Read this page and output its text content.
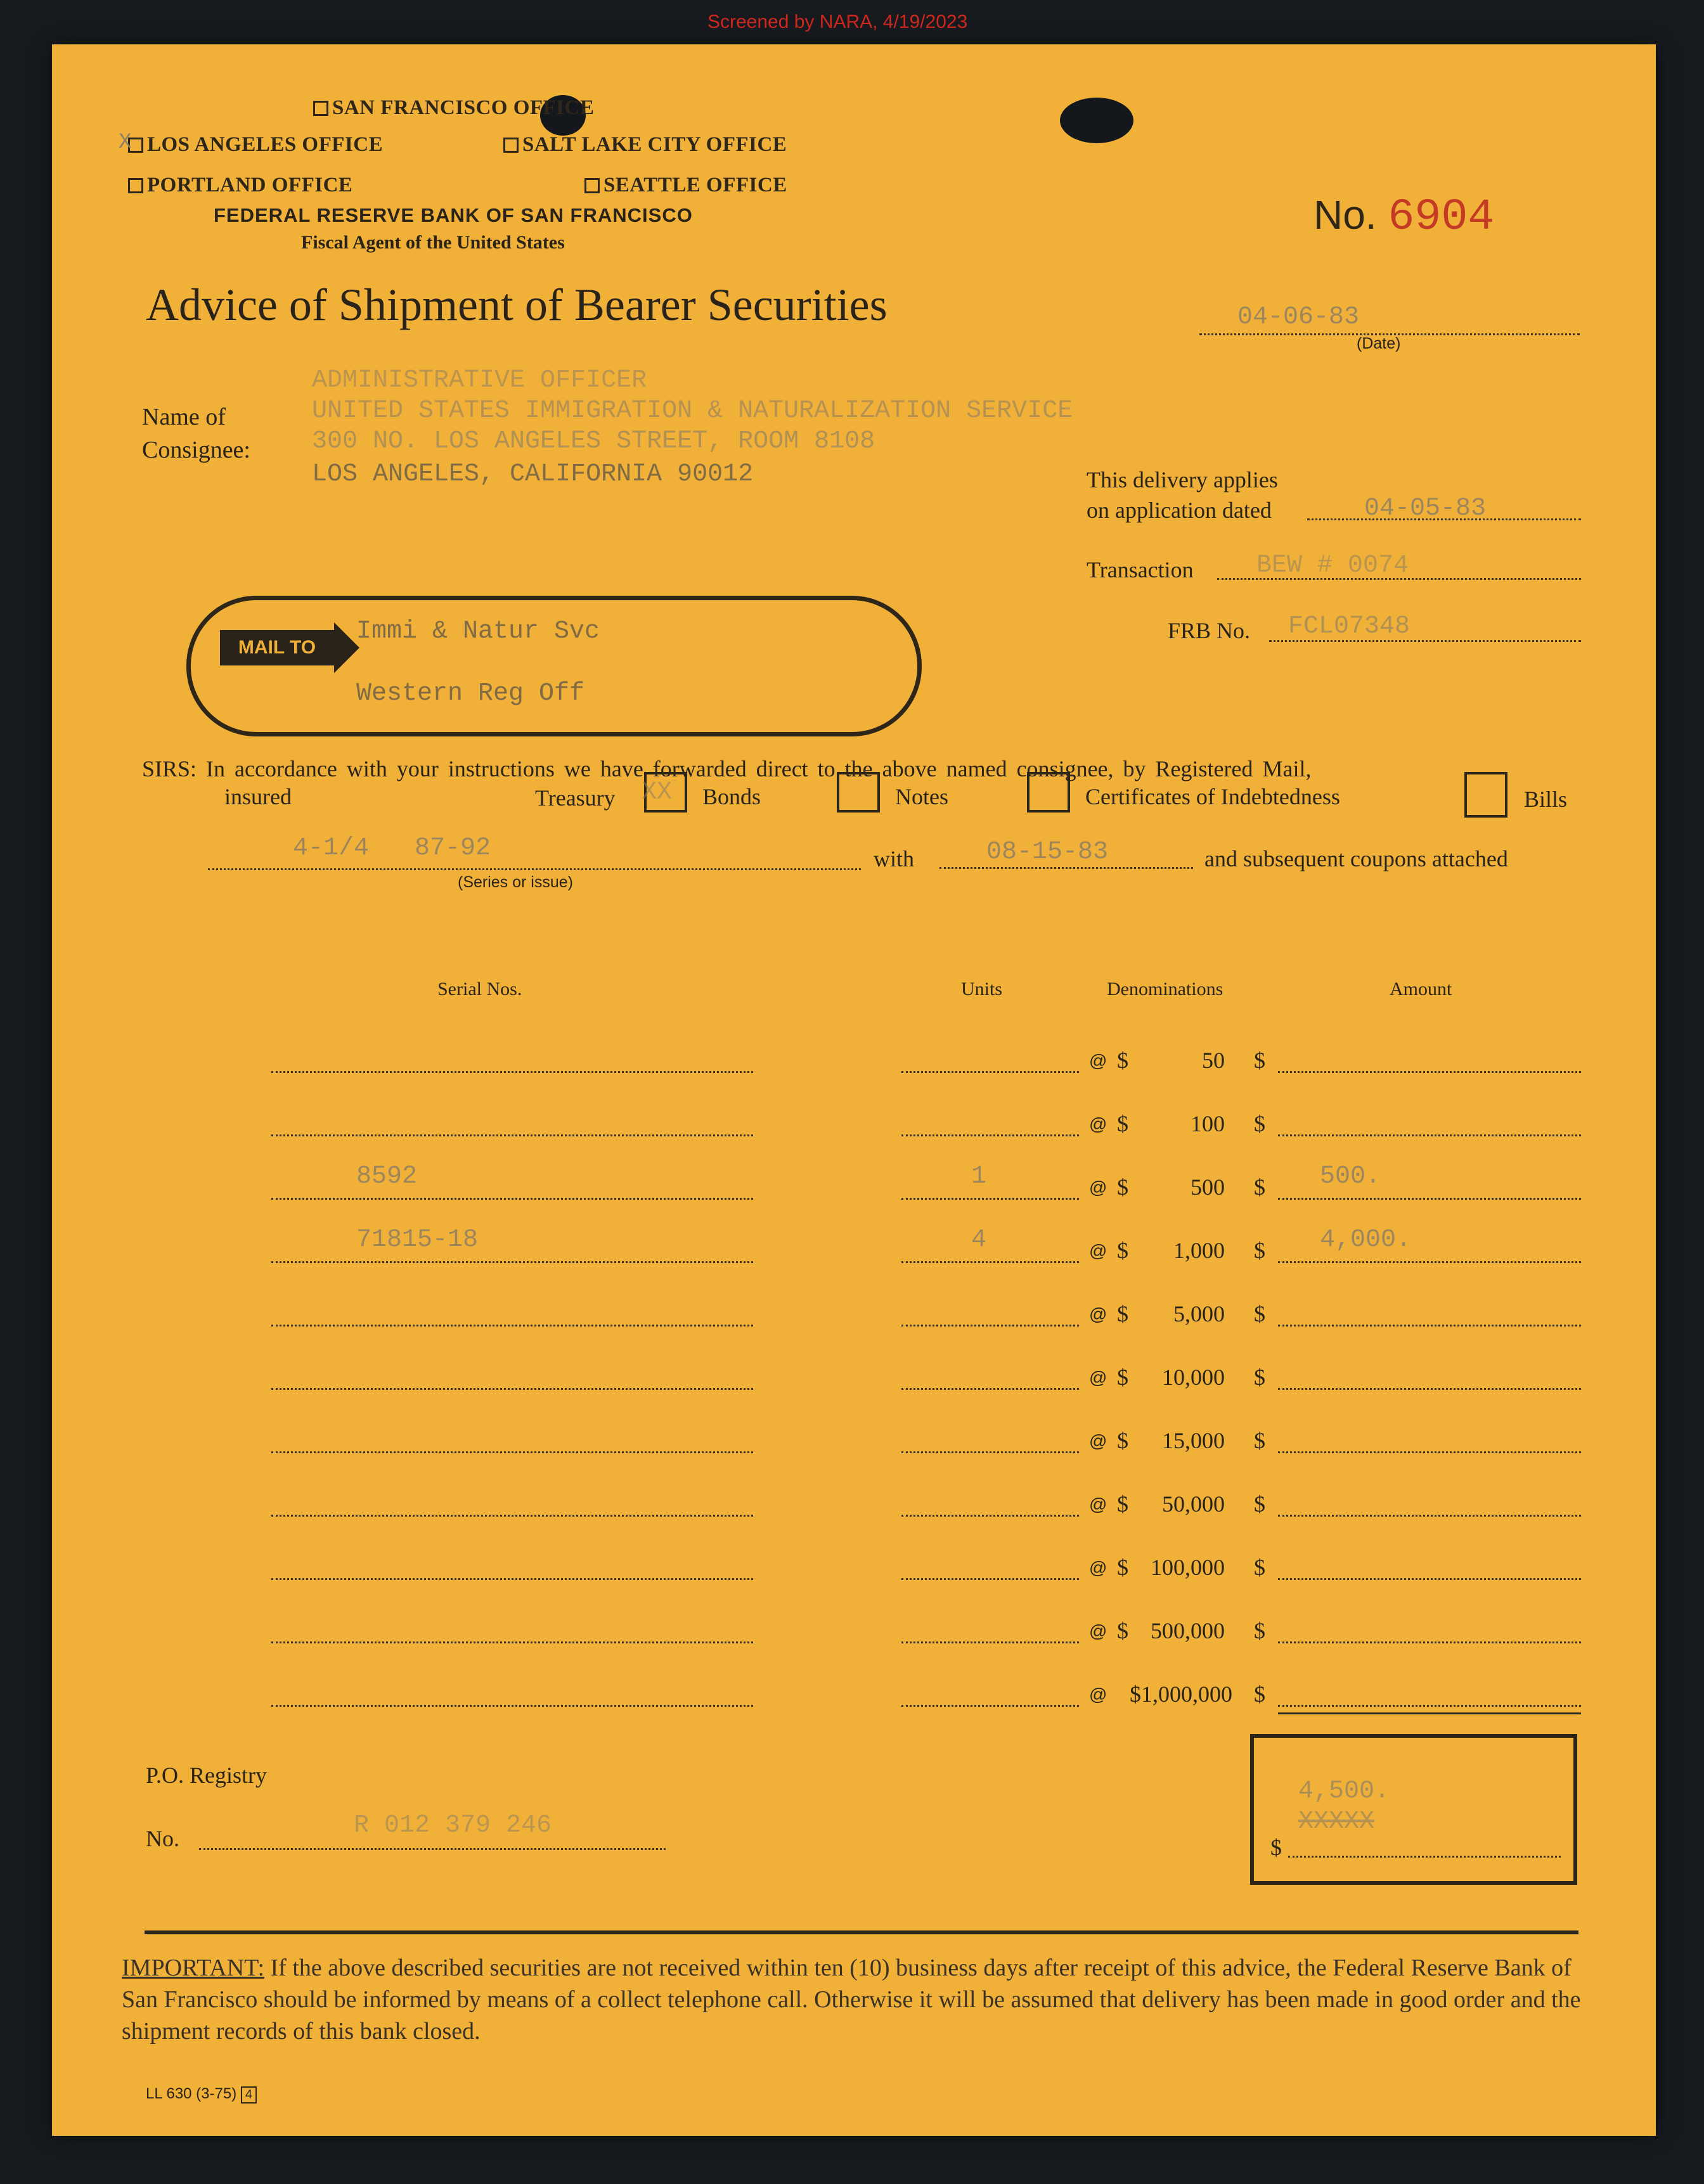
Screened by NARA, 4/19/2023
SAN FRANCISCO OFFICE
X LOS ANGELES OFFICE	SALT LAKE CITY OFFICE
PORTLAND OFFICE	SEATTLE OFFICE
FEDERAL RESERVE BANK OF SAN FRANCISCO
Fiscal Agent of the United States
No. 6904
Advice of Shipment of Bearer Securities	04-06-83
(Date)
Name of
Consignee:
ADMINISTRATIVE OFFICER
UNITED STATES IMMIGRATION & NATURALIZATION SERVICE
300 NO. LOS ANGELES STREET, ROOM 8108
LOS ANGELES, CALIFORNIA 90012	This delivery applies
on application dated	04-05-83
Transaction BEW # 0074
FRB No. FCL07348
MAIL TO
Immi & Natur Svc
Western Reg Off
SIRS: In accordance with your instructions we have forwarded direct to the above named consignee, by Registered Mail,
insured	Treasury XX Bonds	Notes	Certificates of Indebtedness	Bills
4-1/4   87-92
(Series or issue)
with	08-15-83	and subsequent coupons attached
Serial Nos.	Units	Denominations	Amount
@ $	50 $
@ $	100 $
8592	1	@ $	500 $ 500.
71815-18	4	@ $	1,000 $ 4,000.
@ $	5,000 $
@ $	10,000 $
@ $	15,000 $
@ $	50,000 $
@ $ 100,000 $
@ $ 500,000 $
@ $1,000,000 $
P.O. Registry
No.	R 012 379 246
4,500.
XXXXX
$
IMPORTANT: If the above described securities are not received within ten (10) business days after receipt of this advice, the Federal Reserve Bank of San Francisco should be informed by means of a collect telephone call. Otherwise it will be assumed that delivery has been made in good order and the shipment records of this bank closed.
LL 630 (3-75) 4
